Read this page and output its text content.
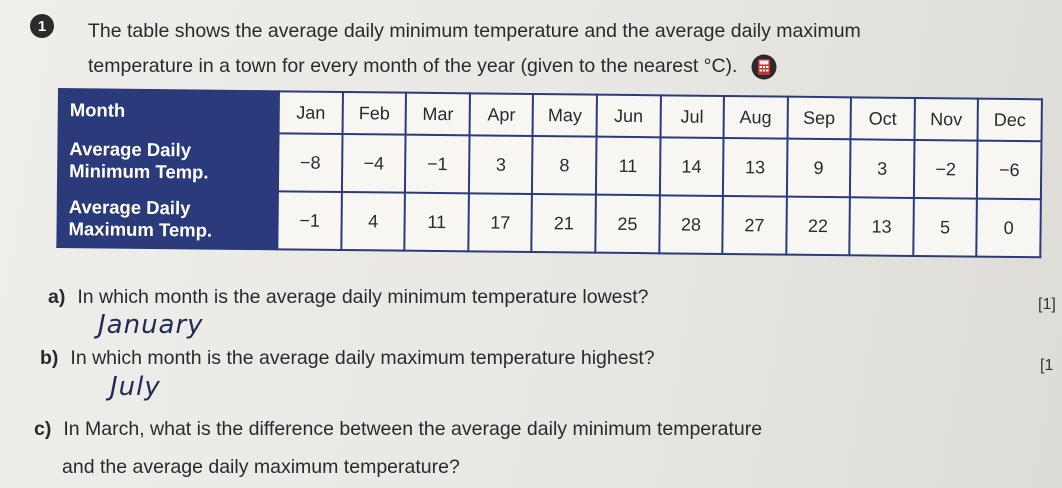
1 The table shows the average daily minimum temperature and the average daily maximum
temperature in a town for every month of the year (given to the nearest °C).
Month	Jan	Feb	Mar	Apr	May	Jun	Jul	Aug	Sep	Oct	Nov	Dec

Average Daily
Minimum Temp.	−8	−4	−1	3	8	11	14	13	9	3	−2	−6

Average Daily
Maximum Temp.	−1	4	11	17	21	25	28	27	22	13	5	0
a) In which month is the average daily minimum temperature lowest?	[1]
January
b) In which month is the average daily maximum temperature highest?	[1
July
c) In March, what is the difference between the average daily minimum temperature
and the average daily maximum temperature?
